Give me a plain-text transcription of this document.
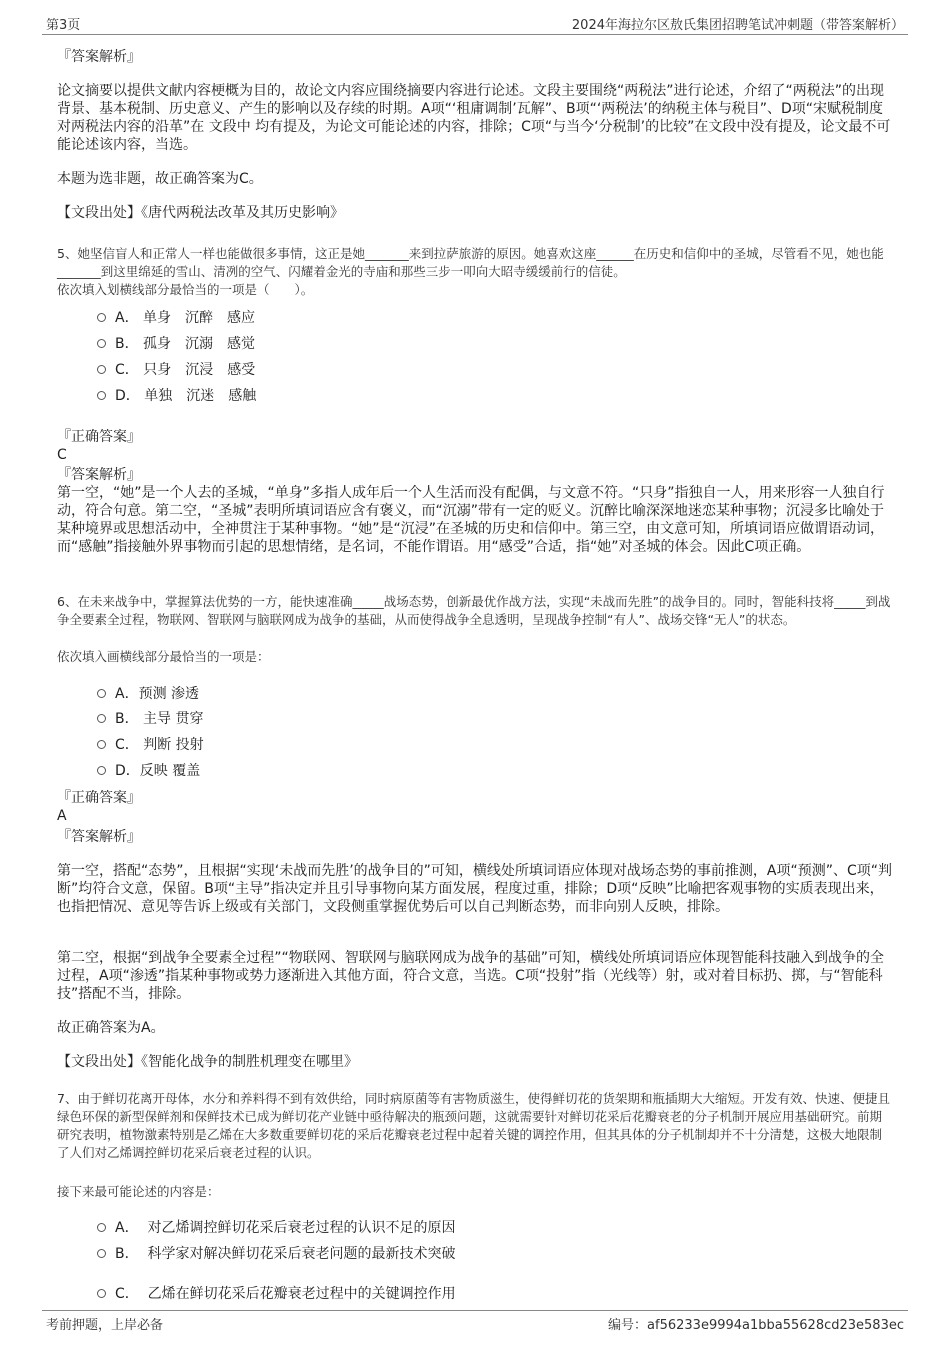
第3页	2024年海拉尔区敖氏集团招聘笔试冲刺题（带答案解析）

『答案解析』

论文摘要以提供文献内容梗概为目的，故论文内容应围绕摘要内容进行论述。文段主要围绕“两税法”进行论述，介绍了“两税法”的出现背景、基本税制、历史意义、产生的影响以及存续的时期。A项“‘租庸调制’瓦解”、B项“‘两税法’的纳税主体与税目”、D项“宋赋税制度对两税法内容的沿革”在 文段中 均有提及，为论文可能论述的内容，排除；C项“与当今‘分税制’的比较”在文段中没有提及，论文最不可能论述该内容，当选。

本题为选非题，故正确答案为C。

【文段出处】《唐代两税法改革及其历史影响》

5、她坚信盲人和正常人一样也能做很多事情，这正是她_______来到拉萨旅游的原因。她喜欢这座______在历史和信仰中的圣城，尽管看不见，她也能_______到这里绵延的雪山、清冽的空气、闪耀着金光的寺庙和那些三步一叩向大昭寺缓缓前行的信徒。

依次填入划横线部分最恰当的一项是（　　）。

A． 单身　沉醉　感应
B． 孤身　沉溺　感觉
C． 只身　沉浸　感受
D． 单独　沉迷　感触

『正确答案』

C

『答案解析』

第一空，“她”是一个人去的圣城，“单身”多指人成年后一个人生活而没有配偶，与文意不符。“只身”指独自一人，用来形容一人独自行动，符合句意。第二空，“圣城”表明所填词语应含有褒义，而“沉溺”带有一定的贬义。沉醉比喻深深地迷恋某种事物；沉浸多比喻处于某种境界或思想活动中，全神贯注于某种事物。“她”是“沉浸”在圣城的历史和信仰中。第三空，由文意可知，所填词语应做谓语动词，而“感触”指接触外界事物而引起的思想情绪，是名词，不能作谓语。用“感受”合适，指“她”对圣城的体会。因此C项正确。

6、在未来战争中，掌握算法优势的一方，能快速准确_____战场态势，创新最优作战方法，实现“未战而先胜”的战争目的。同时，智能科技将_____到战争全要素全过程，物联网、智联网与脑联网成为战争的基础，从而使得战争全息透明，呈现战争控制“有人”、战场交锋“无人”的状态。

依次填入画横线部分最恰当的一项是：

A．预测 渗透
B． 主导 贯穿
C． 判断 投射
D．反映 覆盖

『正确答案』

A

『答案解析』

第一空，搭配“态势”，且根据“实现‘未战而先胜’的战争目的”可知，横线处所填词语应体现对战场态势的事前推测，A项“预测”、C项“判断”均符合文意，保留。B项“主导”指决定并且引导事物向某方面发展，程度过重，排除；D项“反映”比喻把客观事物的实质表现出来，也指把情况、意见等告诉上级或有关部门，文段侧重掌握优势后可以自己判断态势，而非向别人反映，排除。

第二空，根据“到战争全要素全过程”“物联网、智联网与脑联网成为战争的基础”可知，横线处所填词语应体现智能科技融入到战争的全过程，A项“渗透”指某种事物或势力逐渐进入其他方面，符合文意，当选。C项“投射”指（光线等）射，或对着目标扔、掷，与“智能科技”搭配不当，排除。

故正确答案为A。

【文段出处】《智能化战争的制胜机理变在哪里》

7、由于鲜切花离开母体，水分和养料得不到有效供给，同时病原菌等有害物质滋生，使得鲜切花的货架期和瓶插期大大缩短。开发有效、快速、便捷且绿色环保的新型保鲜剂和保鲜技术已成为鲜切花产业链中亟待解决的瓶颈问题，这就需要针对鲜切花采后花瓣衰老的分子机制开展应用基础研究。前期研究表明，植物激素特别是乙烯在大多数重要鲜切花的采后花瓣衰老过程中起着关键的调控作用，但其具体的分子机制却并不十分清楚，这极大地限制了人们对乙烯调控鲜切花采后衰老过程的认识。

接下来最可能论述的内容是：

A．  对乙烯调控鲜切花采后衰老过程的认识不足的原因
B．  科学家对解决鲜切花采后衰老问题的最新技术突破
C．  乙烯在鲜切花采后花瓣衰老过程中的关键调控作用
考前押题，上岸必备	编号：af56233e9994a1bba55628cd23e583ec
